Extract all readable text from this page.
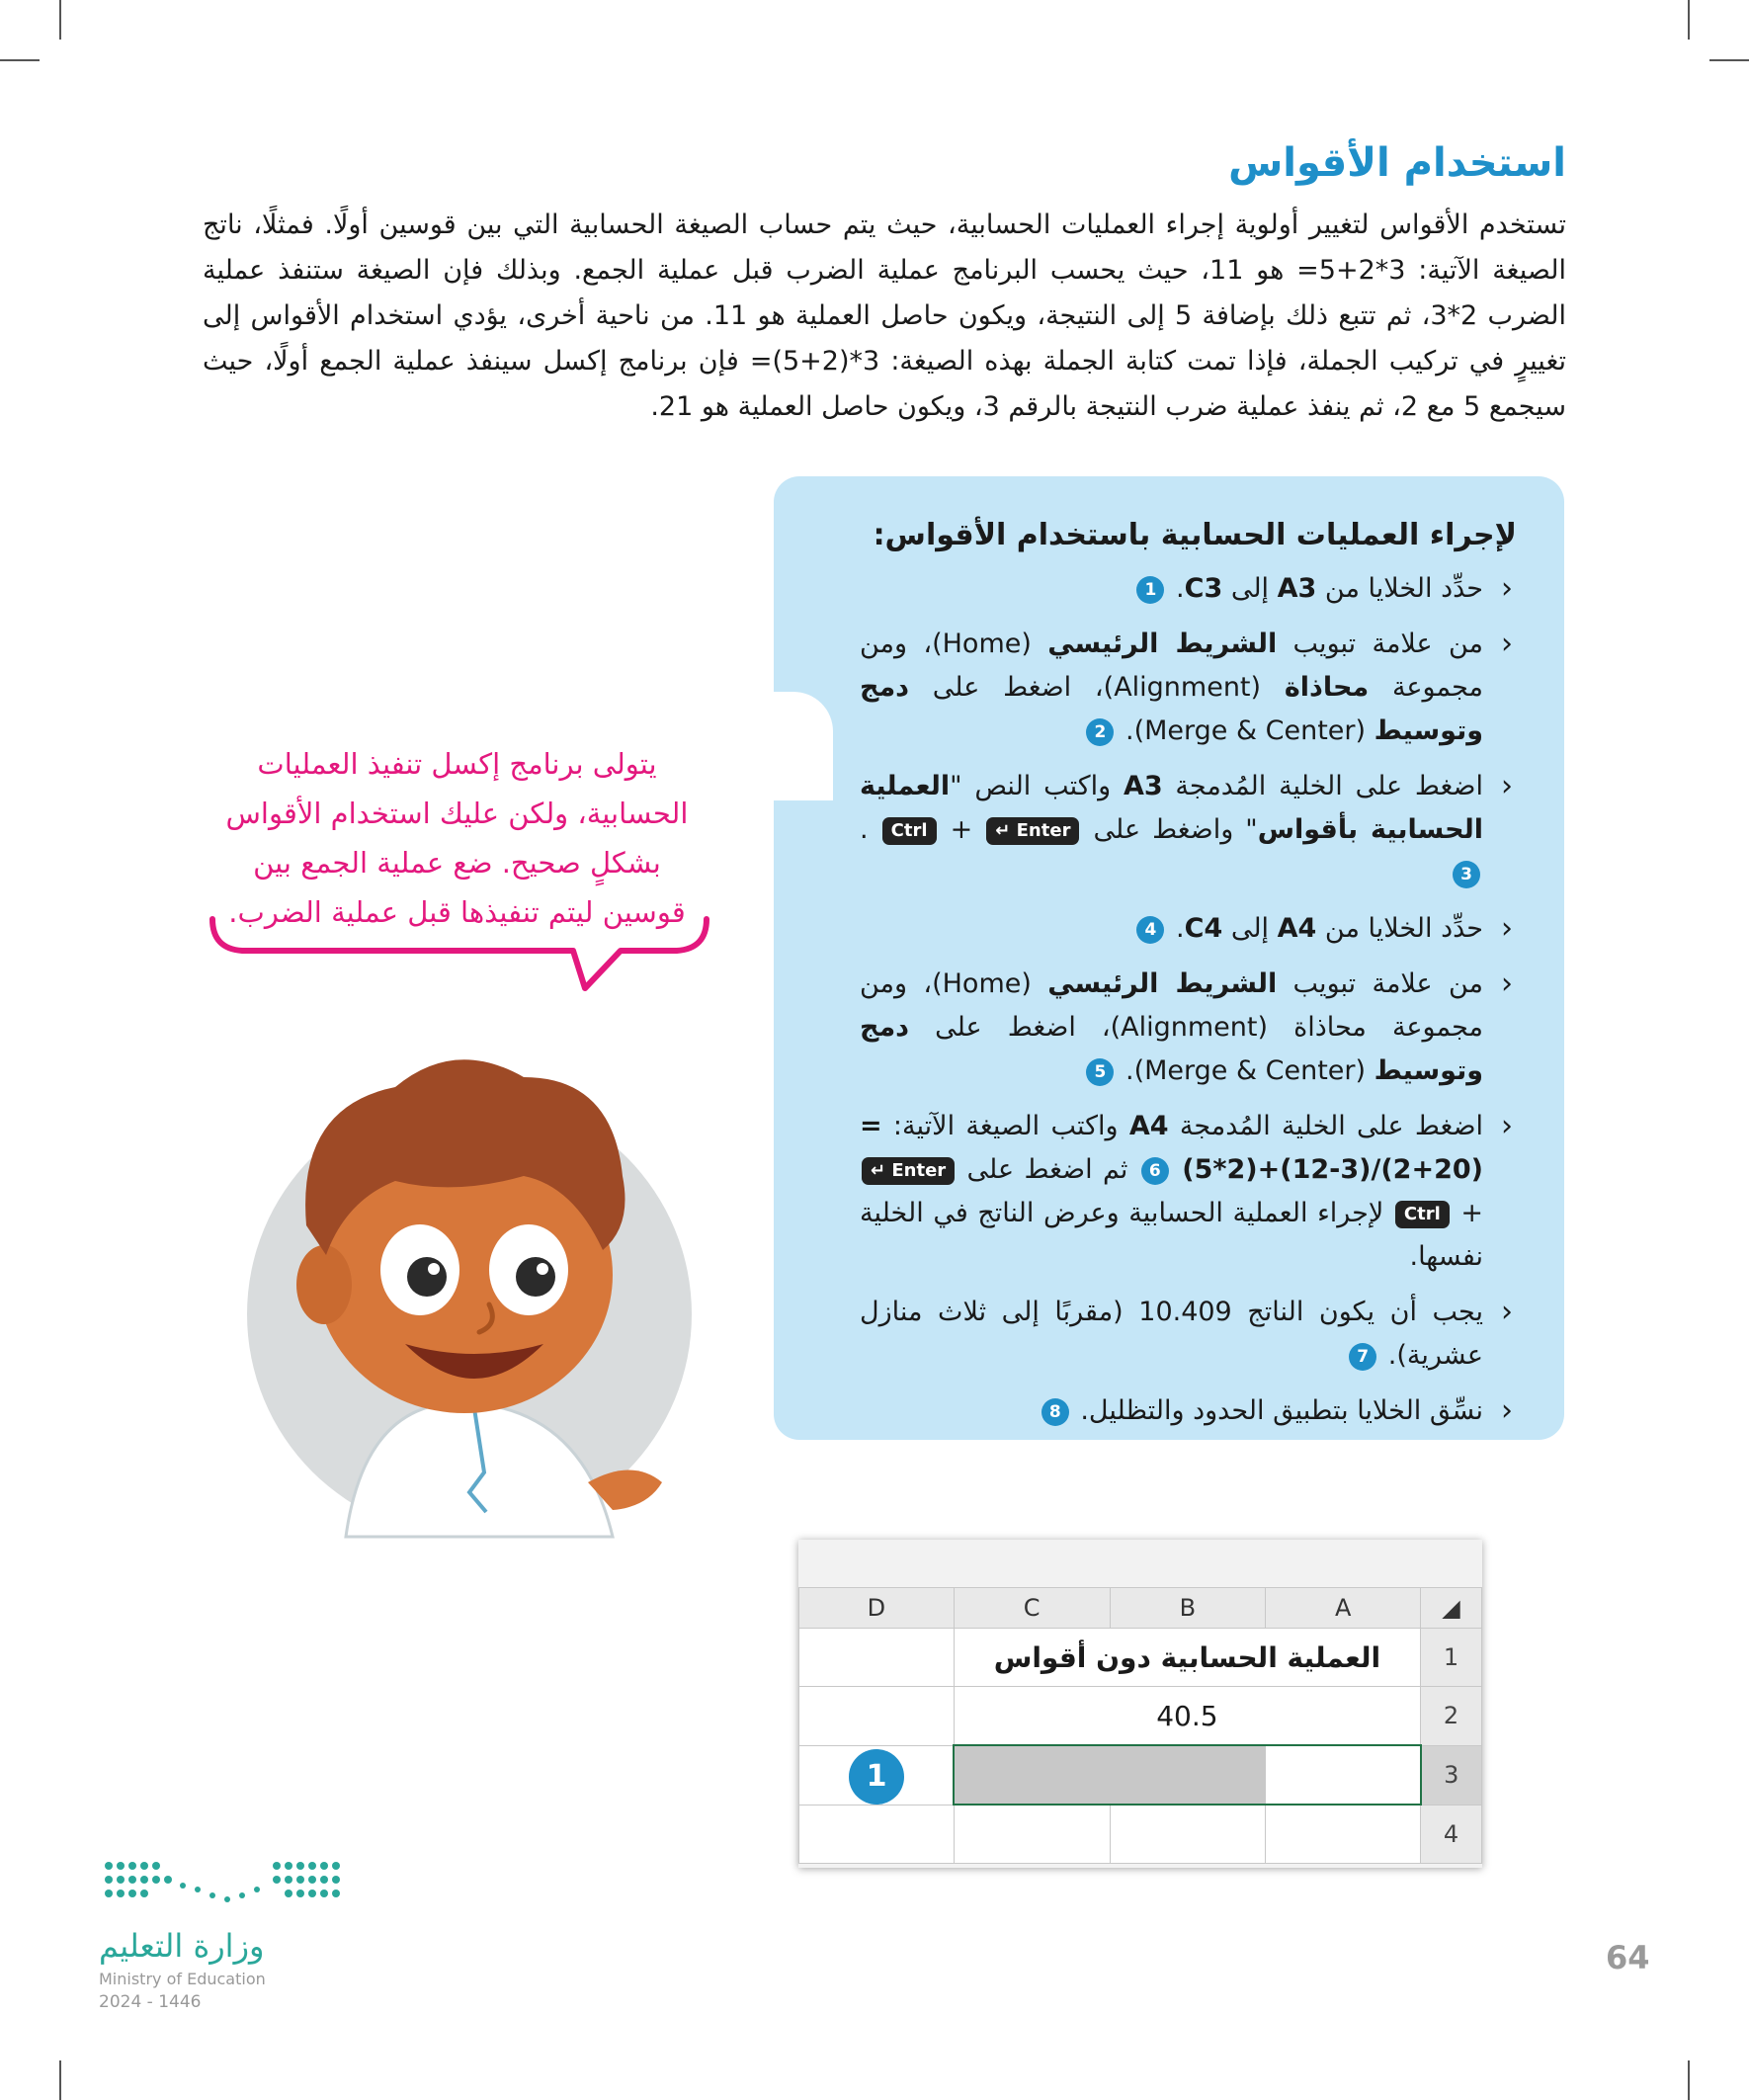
استخدام الأقواس

تستخدم الأقواس لتغيير أولوية إجراء العمليات الحسابية، حيث يتم حساب الصيغة الحسابية التي بين قوسين أولًا. فمثلًا، ناتج الصيغة الآتية: 3*2+5= هو 11، حيث يحسب البرنامج عملية الضرب قبل عملية الجمع. وبذلك فإن الصيغة ستنفذ عملية الضرب 2*3، ثم تتبع ذلك بإضافة 5 إلى النتيجة، ويكون حاصل العملية هو 11. من ناحية أخرى، يؤدي استخدام الأقواس إلى تغييرٍ في تركيب الجملة، فإذا تمت كتابة الجملة بهذه الصيغة: 3*(2+5)= فإن برنامج إكسل سينفذ عملية الجمع أولًا، حيث سيجمع 5 مع 2، ثم ينفذ عملية ضرب النتيجة بالرقم 3، ويكون حاصل العملية هو 21.

لإجراء العمليات الحسابية باستخدام الأقواس:
‹ حدِّد الخلايا من A3 إلى C3. 1
‹ من علامة تبويب الشريط الرئيسي (Home)، ومن مجموعة محاذاة (Alignment)، اضغط على دمج وتوسيط (Merge & Center). 2
‹ اضغط على الخلية المُدمجة A3 واكتب النص "العملية الحسابية بأقواس" واضغط على Enter ↵ + Ctrl . 3
‹ حدِّد الخلايا من A4 إلى C4. 4
‹ من علامة تبويب الشريط الرئيسي (Home)، ومن مجموعة محاذاة (Alignment)، اضغط على دمج وتوسيط (Merge & Center). 5
‹ اضغط على الخلية المُدمجة A4 واكتب الصيغة الآتية: =(5*2)+(12-3)/(2+20) 6 ثم اضغط على Enter ↵ + Ctrl لإجراء العملية الحسابية وعرض الناتج في الخلية نفسها.
‹ يجب أن يكون الناتج 10.409 (مقربًا إلى ثلاث منازل عشرية). 7
‹ نسِّق الخلايا بتطبيق الحدود والتظليل. 8
يتولى برنامج إكسل تنفيذ العمليات الحسابية، ولكن عليك استخدام الأقواس بشكلٍ صحيح. ضع عملية الجمع بين قوسين ليتم تنفيذها قبل عملية الضرب.
D	C	B	A	◢
	العملية الحسابية دون أقواس			1
	40.5			2
				3
				4
1
وزارة التعليم
Ministry of Education
2024 - 1446
64
